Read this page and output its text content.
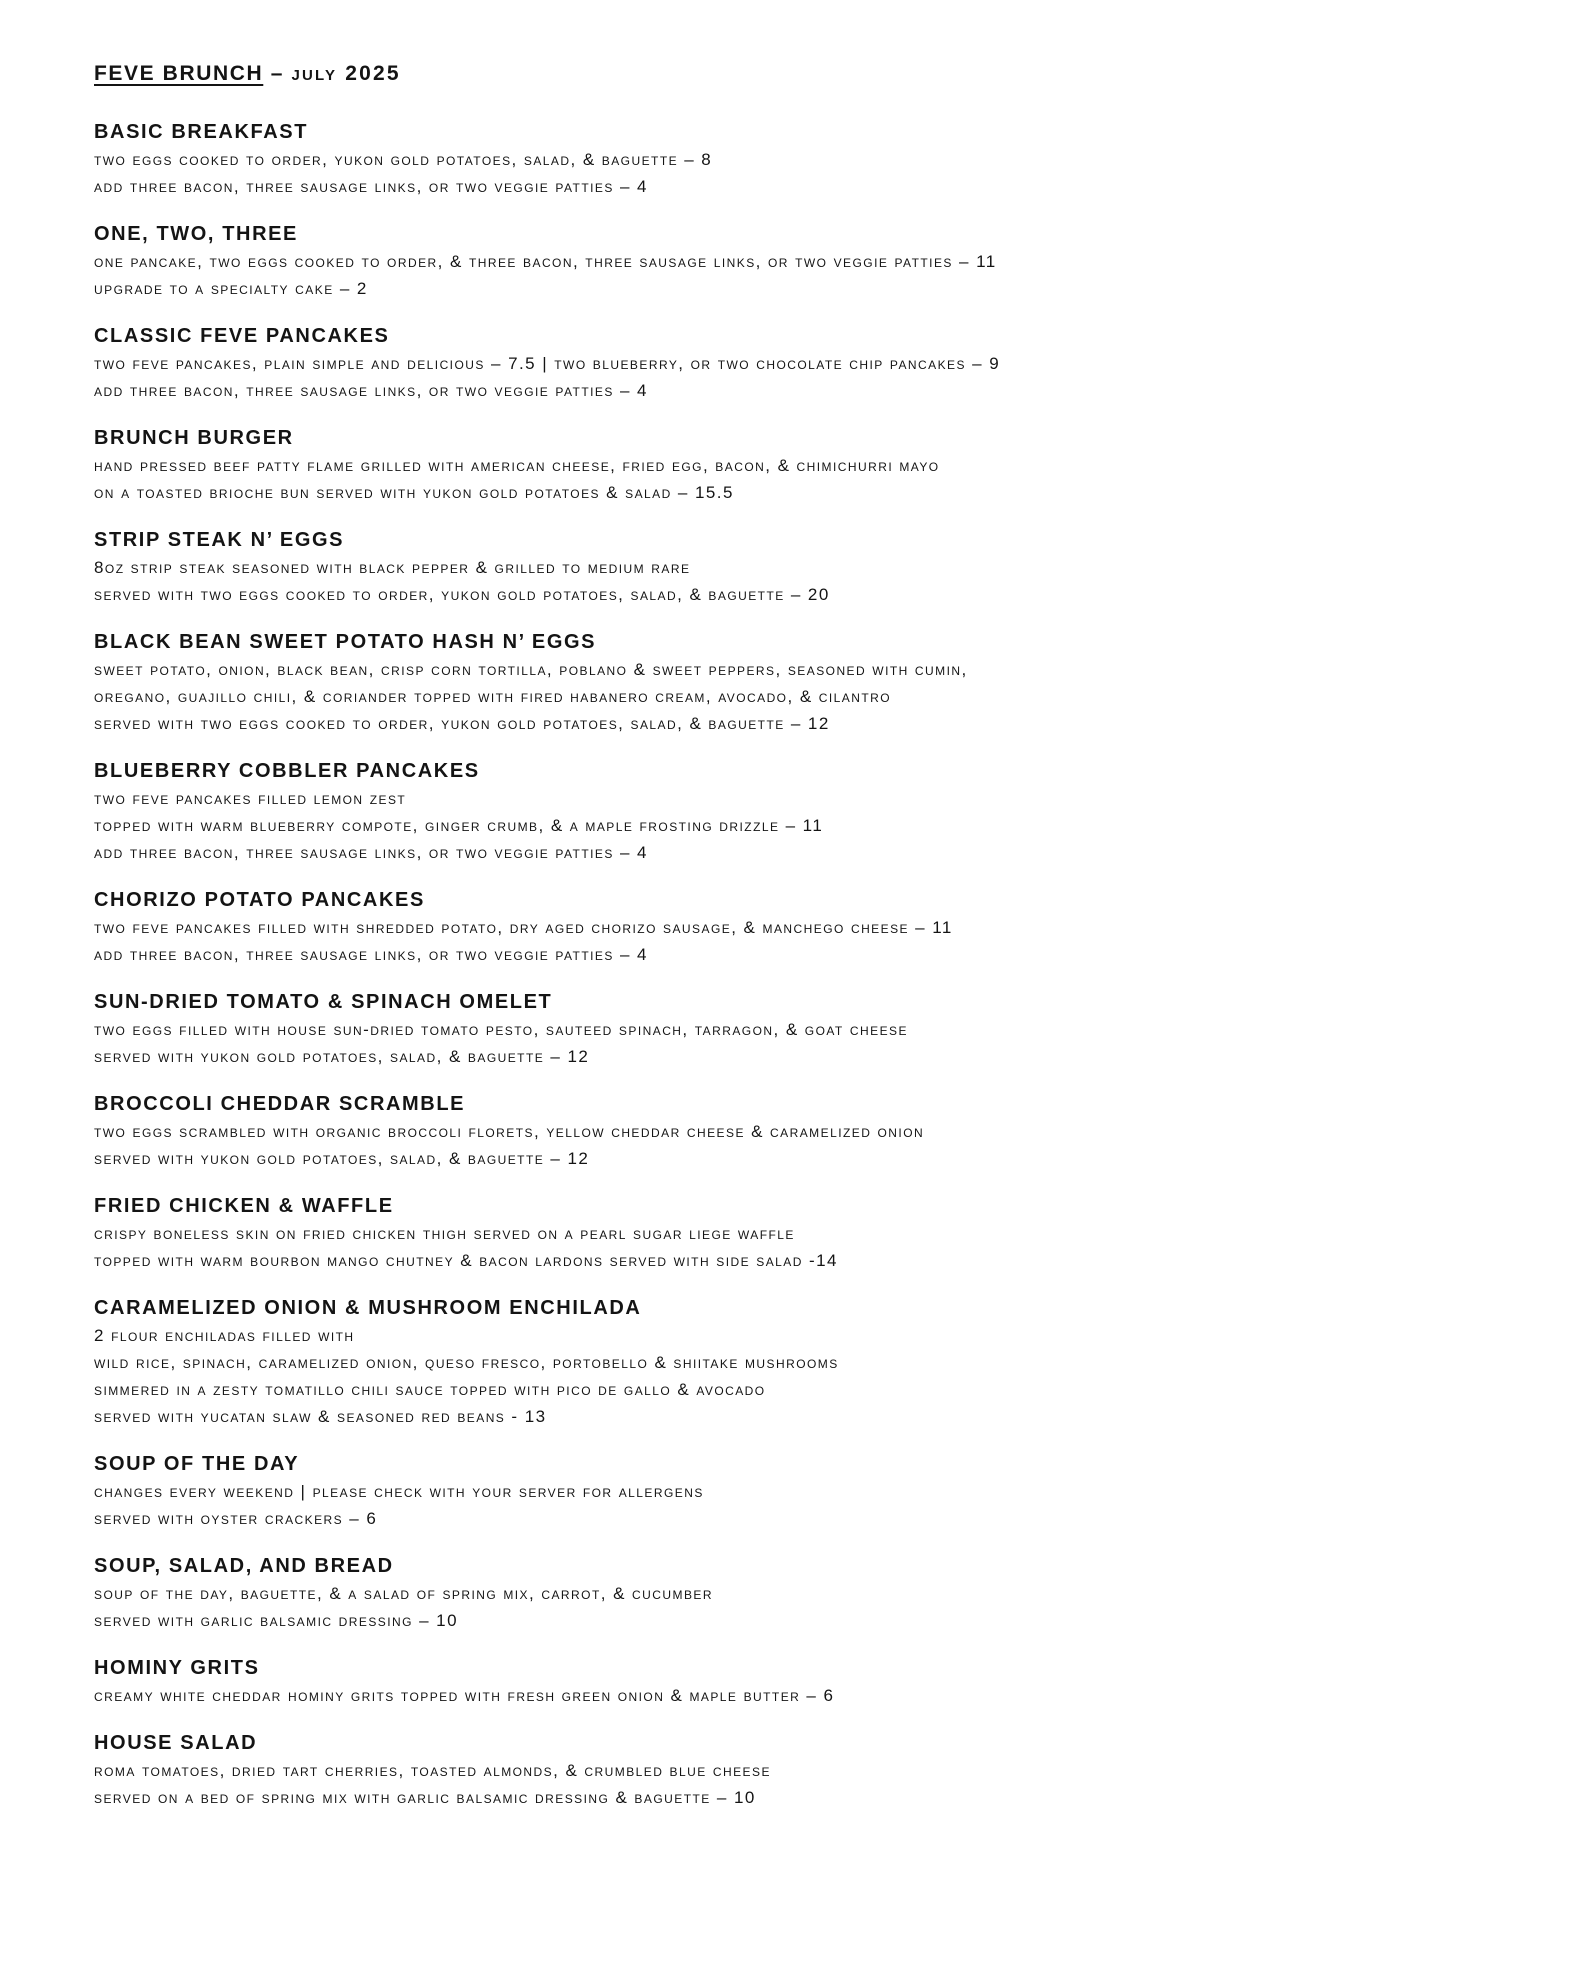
FEVE BRUNCH – july 2025
BASIC BREAKFAST
two eggs cooked to order, yukon gold potatoes, salad, & baguette – 8
add three bacon, three sausage links, or two veggie patties – 4
ONE, TWO, THREE
one pancake, two eggs cooked to order, & three bacon, three sausage links, or two veggie patties – 11
upgrade to a specialty cake – 2
CLASSIC FEVE PANCAKES
two feve pancakes, plain simple and delicious – 7.5 | two blueberry, or two chocolate chip pancakes – 9
add three bacon, three sausage links, or two veggie patties – 4
BRUNCH BURGER
hand pressed beef patty flame grilled with american cheese, fried egg, bacon, & chimichurri mayo
on a toasted brioche bun served with yukon gold potatoes & salad – 15.5
STRIP STEAK N’ EGGS
8oz strip steak seasoned with black pepper & grilled to medium rare
served with two eggs cooked to order, yukon gold potatoes, salad, & baguette – 20
BLACK BEAN SWEET POTATO HASH N’ EGGS
sweet potato, onion, black bean, crisp corn tortilla, poblano & sweet peppers, seasoned with cumin,
oregano, guajillo chili, & coriander topped with fired habanero cream, avocado, & cilantro
served with two eggs cooked to order, yukon gold potatoes, salad, & baguette – 12
BLUEBERRY COBBLER PANCAKES
two feve pancakes filled lemon zest
topped with warm blueberry compote, ginger crumb, & a maple frosting drizzle – 11
add three bacon, three sausage links, or two veggie patties – 4
CHORIZO POTATO PANCAKES
two feve pancakes filled with shredded potato, dry aged chorizo sausage, & manchego cheese – 11
add three bacon, three sausage links, or two veggie patties – 4
SUN-DRIED TOMATO & SPINACH OMELET
two eggs filled with house sun-dried tomato pesto, sauteed spinach, tarragon, & goat cheese
served with yukon gold potatoes, salad, & baguette – 12
BROCCOLI CHEDDAR SCRAMBLE
two eggs scrambled with organic broccoli florets, yellow cheddar cheese & caramelized onion
served with yukon gold potatoes, salad, & baguette – 12
FRIED CHICKEN & WAFFLE
crispy boneless skin on fried chicken thigh served on a pearl sugar liege waffle
topped with warm bourbon mango chutney & bacon lardons served with side salad -14
CARAMELIZED ONION & MUSHROOM ENCHILADA
2 flour enchiladas filled with
wild rice, spinach, caramelized onion, queso fresco, portobello & shiitake mushrooms
simmered in a zesty tomatillo chili sauce topped with pico de gallo & avocado
served with yucatan slaw & seasoned red beans - 13
SOUP OF THE DAY
changes every weekend | please check with your server for allergens
served with oyster crackers – 6
SOUP, SALAD, AND BREAD
soup of the day, baguette, & a salad of spring mix, carrot, & cucumber
served with garlic balsamic dressing – 10
HOMINY GRITS
creamy white cheddar hominy grits topped with fresh green onion & maple butter – 6
HOUSE SALAD
roma tomatoes, dried tart cherries, toasted almonds, & crumbled blue cheese
served on a bed of spring mix with garlic balsamic dressing & baguette – 10
